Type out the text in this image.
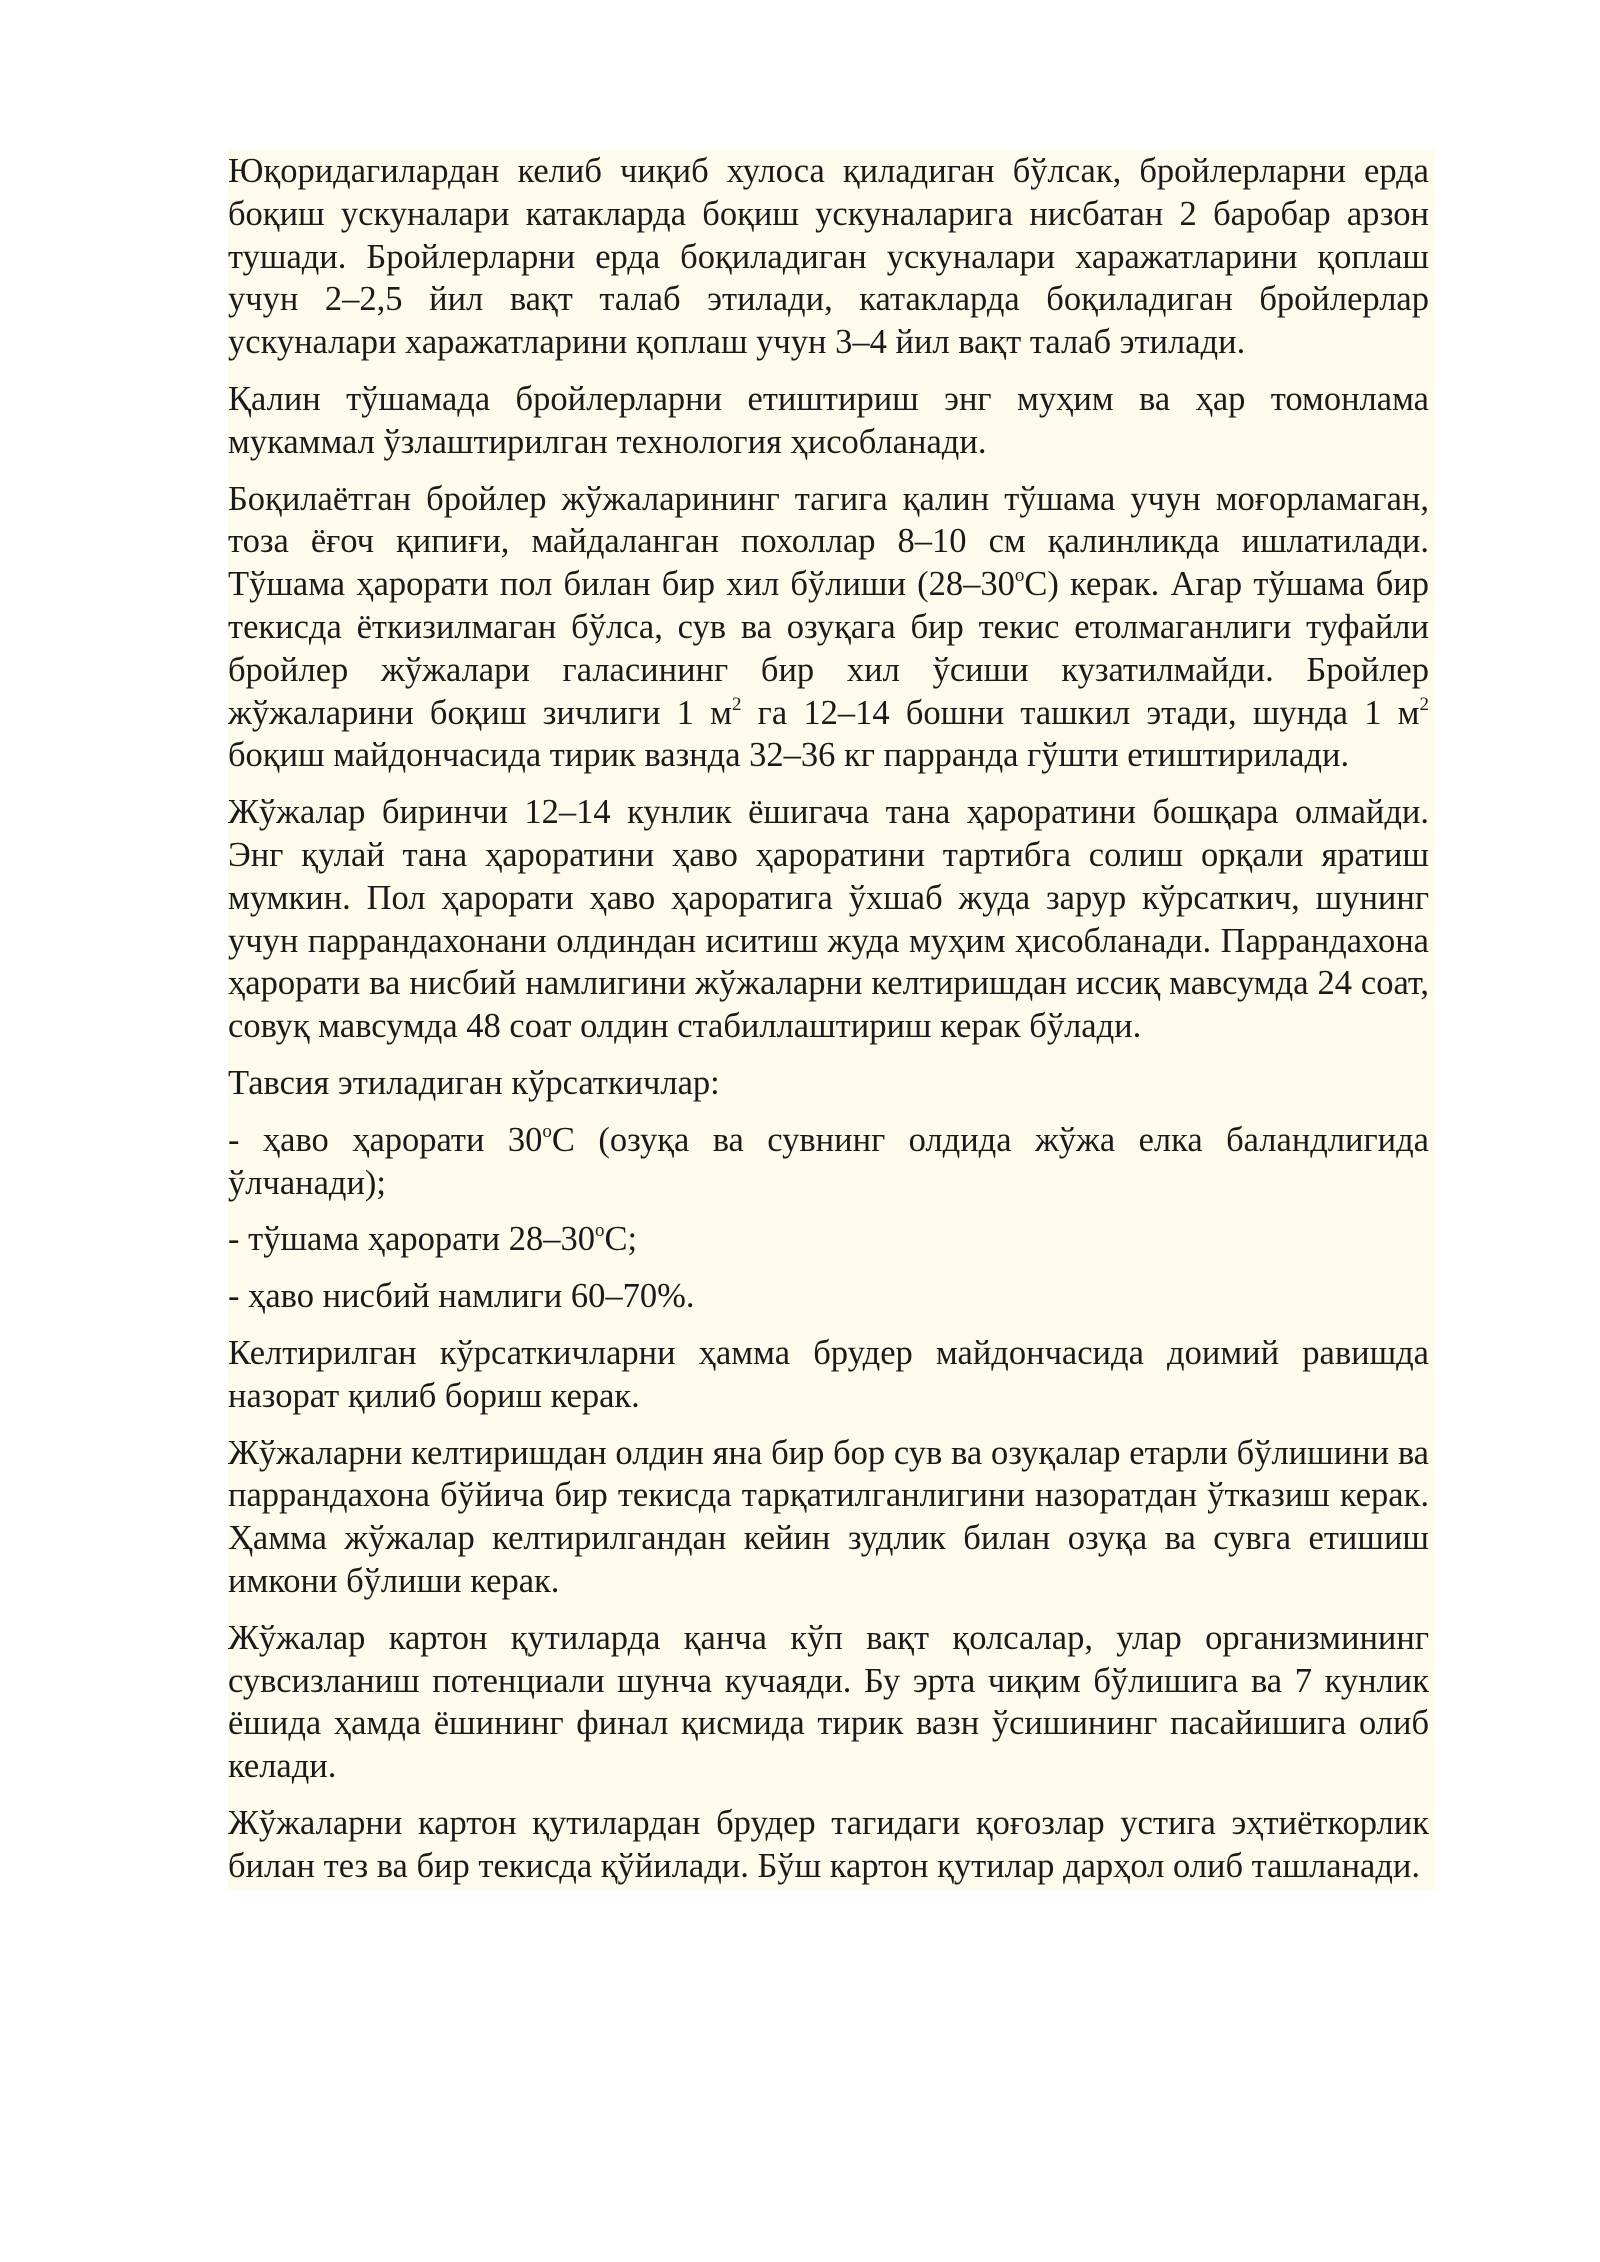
Юқоридагилардан келиб чиқиб хулоса қиладиган бўлсак, бройлерларни ерда боқиш ускуналари катакларда боқиш ускуналарига нисбатан 2 баробар арзон тушади. Бройлерларни ерда боқиладиган ускуналари харажатларини қоплаш учун 2–2,5 йил вақт талаб этилади, катакларда боқиладиган бройлерлар ускуналари харажатларини қоплаш учун 3–4 йил вақт талаб этилади.

Қалин тўшамада бройлерларни етиштириш энг муҳим ва ҳар томонлама мукаммал ўзлаштирилган технология ҳисобланади.

Боқилаётган бройлер жўжаларининг тагига қалин тўшама учун моғорламаган, тоза ёғоч қипиғи, майдаланган похоллар 8–10 см қалинликда ишлатилади. Тўшама ҳарорати пол билан бир хил бўлиши $(28-30^оС)$ керак. Агар тўшама бир текисда ёткизилмаган бўлса, сув ва озуқага бир текис етолмаганлиги туфайли бройлер жўжалари галасининг бир хил ўсиши кузатилмайди. Бройлер жўжаларини боқиш зичлиги 1 $м^2$ га 12–14 бошни ташкил этади, шунда 1 $м^2$ боқиш майдончасида тирик вазнда 32–36 кг парранда гўшти етиштирилади.

Жўжалар биринчи 12–14 кунлик ёшигача тана ҳароратини бошқара олмайди. Энг қулай тана ҳароратини ҳаво ҳароратини тартибга солиш орқали яратиш мумкин. Пол ҳарорати ҳаво ҳароратига ўхшаб жуда зарур кўрсаткич, шунинг учун паррандахонани олдиндан иситиш жуда муҳим ҳисобланади. Паррандахона ҳарорати ва нисбий намлигини жўжаларни келтиришдан иссиқ мавсумда 24 соат, совуқ мавсумда 48 соат олдин стабиллаштириш керак бўлади.

Тавсия этиладиган кўрсаткичлар:

- ҳаво ҳарорати $30^оС$ (озуқа ва сувнинг олдида жўжа елка баландлигида ўлчанади);

- тўшама ҳарорати $28-30^оС$;

- ҳаво нисбий намлиги 60–70%.

Келтирилган кўрсаткичларни ҳамма брудер майдончасида доимий равишда назорат қилиб бориш керак.

Жўжаларни келтиришдан олдин яна бир бор сув ва озуқалар етарли бўлишини ва паррандахона бўйича бир текисда тарқатилганлигини назоратдан ўтказиш керак. Ҳамма жўжалар келтирилгандан кейин зудлик билан озуқа ва сувга етишиш имкони бўлиши керак.

Жўжалар картон қутиларда қанча кўп вақт қолсалар, улар организмининг сувсизланиш потенциали шунча кучаяди. Бу эрта чиқим бўлишига ва 7 кунлик ёшида ҳамда ёшининг финал қисмида тирик вазн ўсишининг пасайишига олиб келади.

Жўжаларни картон қутилардан брудер тагидаги қоғозлар устига эҳтиёткорлик билан тез ва бир текисда қўйилади. Бўш картон қутилар дарҳол олиб ташланади.
